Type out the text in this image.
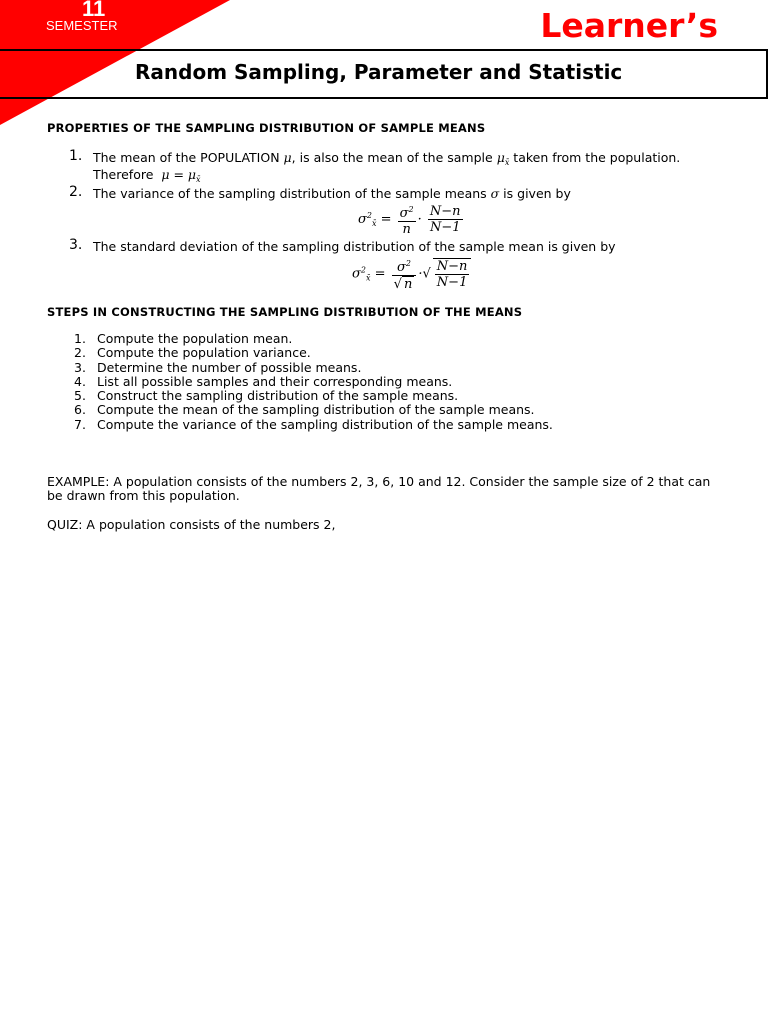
11
SEMESTER	Learner’s
Random Sampling, Parameter and Statistic
PROPERTIES OF THE SAMPLING DISTRIBUTION OF SAMPLE MEANS
1. The mean of the POPULATION μ, is also the mean of the sample $\mu_{x̄}$ taken from the population.
Therefore $\mu = \mu_{x̄}$
2. The variance of the sampling distribution of the sample means σ is given by
$\sigma^2_{x̄} = \frac{\sigma^2}{n} \cdot \frac{N-n}{N-1}$
3. The standard deviation of the sampling distribution of the sample mean is given by
$\sigma^2_{x̄} = \frac{\sigma^2}{√ n}$ ·√ $\frac{N-n}{N-1}$
STEPS IN CONSTRUCTING THE SAMPLING DISTRIBUTION OF THE MEANS
1. Compute the population mean.
2. Compute the population variance.
3. Determine the number of possible means.
4. List all possible samples and their corresponding means.
5. Construct the sampling distribution of the sample means.
6. Compute the mean of the sampling distribution of the sample means.
7. Compute the variance of the sampling distribution of the sample means.
EXAMPLE: A population consists of the numbers 2, 3, 6, 10 and 12. Consider the sample size of 2 that can
be drawn from this population.
QUIZ: A population consists of the numbers 2,
